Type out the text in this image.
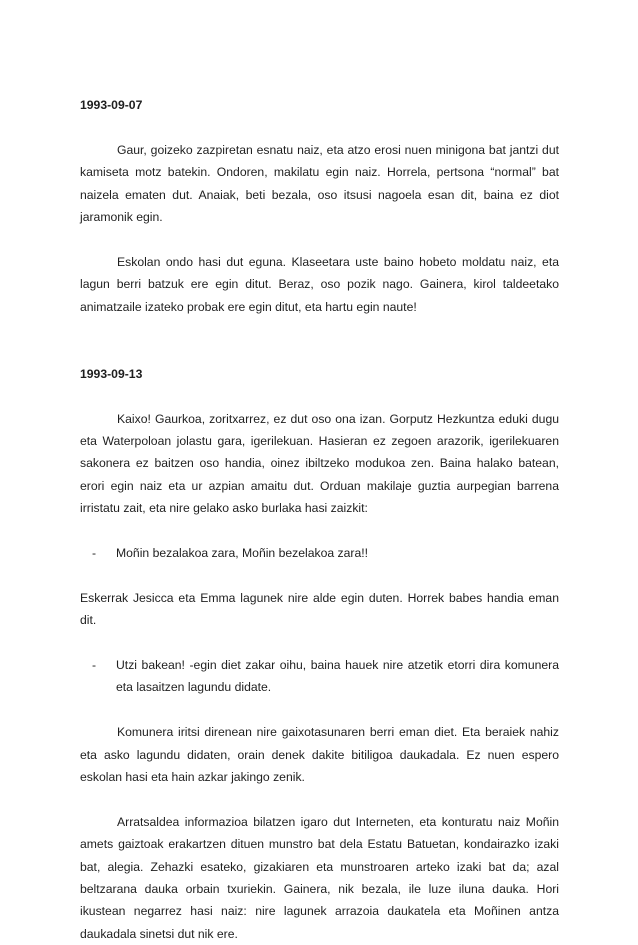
1993-09-07

Gaur, goizeko zazpiretan esnatu naiz, eta atzo erosi nuen minigona bat jantzi dut kamiseta motz batekin. Ondoren, makilatu egin naiz. Horrela, pertsona “normal” bat naizela ematen dut. Anaiak, beti bezala, oso itsusi nagoela esan dit, baina ez diot jaramonik egin.

Eskolan ondo hasi dut eguna. Klaseetara uste baino hobeto moldatu naiz, eta lagun berri batzuk ere egin ditut. Beraz, oso pozik nago. Gainera, kirol taldeetako animatzaile izateko probak ere egin ditut, eta hartu egin naute!

1993-09-13

Kaixo! Gaurkoa, zoritxarrez, ez dut oso ona izan. Gorputz Hezkuntza eduki dugu eta Waterpoloan jolastu gara, igerilekuan. Hasieran ez zegoen arazorik, igerilekuaren sakonera ez baitzen oso handia, oinez ibiltzeko modukoa zen. Baina halako batean, erori egin naiz eta ur azpian amaitu dut. Orduan makilaje guztia aurpegian barrena irristatu zait, eta nire gelako asko burlaka hasi zaizkit:

-	Moñin bezalakoa zara, Moñin bezelakoa zara!!

Eskerrak Jesicca eta Emma lagunek nire alde egin duten. Horrek babes handia eman dit.

-	Utzi bakean! -egin diet zakar oihu, baina hauek nire atzetik etorri dira komunera eta lasaitzen lagundu didate.

Komunera iritsi direnean nire gaixotasunaren berri eman diet. Eta beraiek nahiz eta asko lagundu didaten, orain denek dakite bitiligoa daukadala. Ez nuen espero eskolan hasi eta hain azkar jakingo zenik.

Arratsaldea informazioa bilatzen igaro dut Interneten, eta konturatu naiz Moñin amets gaiztoak erakartzen dituen munstro bat dela Estatu Batuetan, kondairazko izaki bat, alegia. Zehazki esateko, gizakiaren eta munstroaren arteko izaki bat da; azal beltzarana dauka orbain txuriekin. Gainera, nik bezala, ile luze iluna dauka. Hori ikustean negarrez hasi naiz: nire lagunek arrazoia daukatela eta Moñinen antza daukadala sinetsi dut nik ere.
